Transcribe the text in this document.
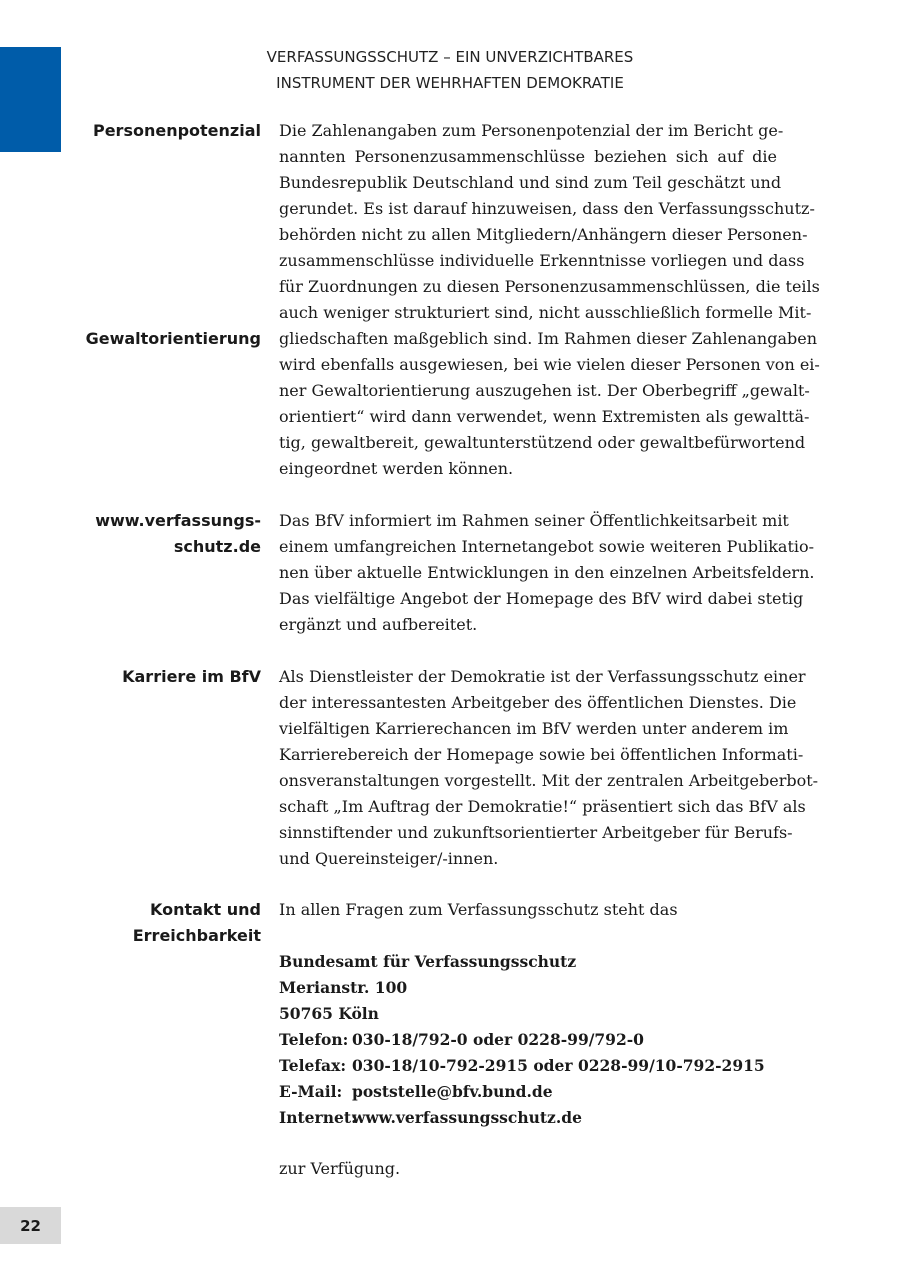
VERFASSUNGSSCHUTZ – EIN UNVERZICHTBARES
INSTRUMENT DER WEHRHAFTEN DEMOKRATIE
Personenpotenzial
Gewaltorientierung
Die Zahlenangaben zum Personenpotenzial der im Bericht ge-
nannten Personenzusammenschlüsse beziehen sich auf die
Bundesrepublik Deutschland und sind zum Teil geschätzt und
gerundet. Es ist darauf hinzuweisen, dass den Verfassungsschutz-
behörden nicht zu allen Mitgliedern/Anhängern dieser Personen-
zusammenschlüsse individuelle Erkenntnisse vorliegen und dass
für Zuordnungen zu diesen Personenzusammenschlüssen, die teils
auch weniger strukturiert sind, nicht ausschließlich formelle Mit-
gliedschaften maßgeblich sind. Im Rahmen dieser Zahlenangaben
wird ebenfalls ausgewiesen, bei wie vielen dieser Personen von ei-
ner Gewaltorientierung auszugehen ist. Der Oberbegriff „gewalt-
orientiert“ wird dann verwendet, wenn Extremisten als gewalttä-
tig, gewaltbereit, gewaltunterstützend oder gewaltbefürwortend
eingeordnet werden können.
www.verfassungs-
schutz.de
Das BfV informiert im Rahmen seiner Öffentlichkeitsarbeit mit
einem umfangreichen Internetangebot sowie weiteren Publikatio-
nen über aktuelle Entwicklungen in den einzelnen Arbeitsfeldern.
Das vielfältige Angebot der Homepage des BfV wird dabei stetig
ergänzt und aufbereitet.
Karriere im BfV Als Dienstleister der Demokratie ist der Verfassungsschutz einer
der interessantesten Arbeitgeber des öffentlichen Dienstes. Die
vielfältigen Karrierechancen im BfV werden unter anderem im
Karrierebereich der Homepage sowie bei öffentlichen Informati-
onsveranstaltungen vorgestellt. Mit der zentralen Arbeitgeberbot-
schaft „Im Auftrag der Demokratie!“ präsentiert sich das BfV als
sinnstiftender und zukunftsorientierter Arbeitgeber für Berufs-
und Quereinsteiger/-innen.
Kontakt und
Erreichbarkeit
In allen Fragen zum Verfassungsschutz steht das
Bundesamt für Verfassungsschutz
Merianstr. 100
50765 Köln
Telefon: 030-18/792-0 oder 0228-99/792-0
Telefax: 030-18/10-792-2915 oder 0228-99/10-792-2915
E-Mail: poststelle@bfv.bund.de
Internet:www.verfassungsschutz.de
zur Verfügung.
22
